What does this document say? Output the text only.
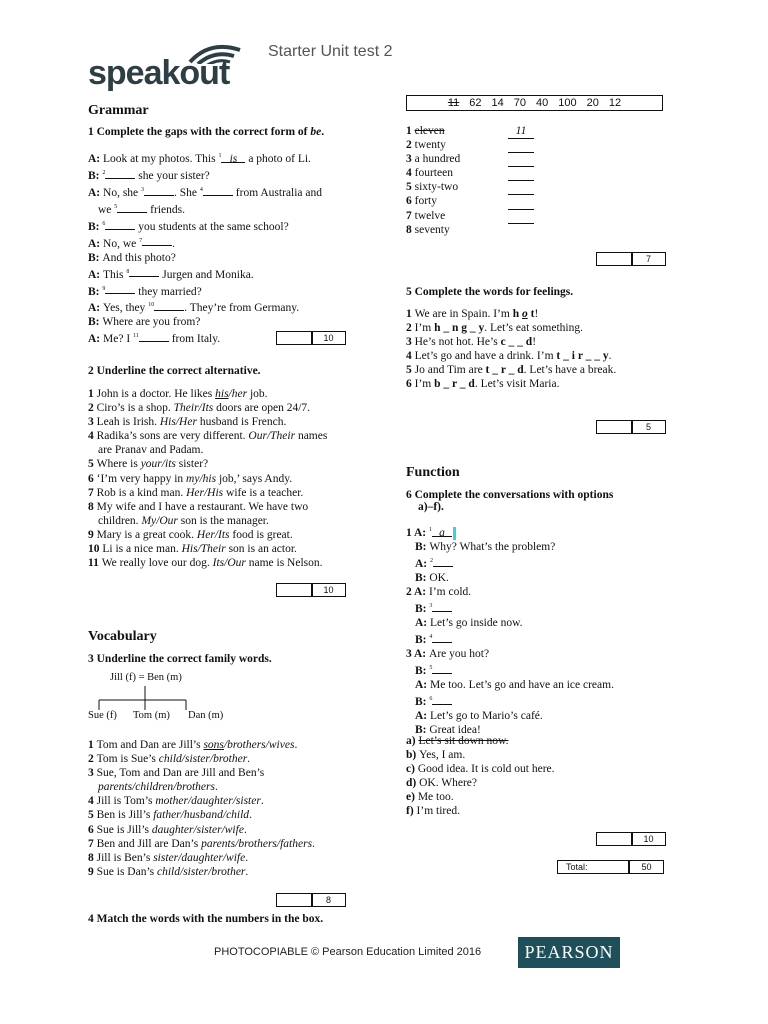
speakout
Starter Unit test 2
Grammar
1 Complete the gaps with the correct form of be.
A: Look at my photos. This $^1$ is a photo of Li.
B: $^2$	she your sister?
A: No, she $^3$	. She $^4$	from Australia and
we $^5$	friends.
B: $^6$	you students at the same school?
A: No, we $^7$	.
B: And this photo?
A: This $^8$	Jurgen and Monika.
B: $^9$	they married?
A: Yes, they $^{10}$	. They’re from Germany.
B: Where are you from?
A: Me? I $^{11}$	from Italy.	10
2 Underline the correct alternative.
1 John is a doctor. He likes his/her job.
2 Ciro’s is a shop. Their/Its doors are open 24/7.
3 Leah is Irish. His/Her husband is French.
4 Radika’s sons are very different. Our/Their names
are Pranav and Padam.
5 Where is your/its sister?
6 ‘I’m very happy in my/his job,’ says Andy.
7 Rob is a kind man. Her/His wife is a teacher.
8 My wife and I have a restaurant. We have two
children. My/Our son is the manager.
9 Mary is a great cook. Her/Its food is great.
10 Li is a nice man. His/Their son is an actor.
11 We really love our dog. Its/Our name is Nelson.
10
Vocabulary
3 Underline the correct family words.
Jill (f) = Ben (m)
Sue (f) Tom (m) Dan (m)
1 Tom and Dan are Jill’s sons/brothers/wives.
2 Tom is Sue’s child/sister/brother.
3 Sue, Tom and Dan are Jill and Ben’s
parents/children/brothers.
4 Jill is Tom’s mother/daughter/sister.
5 Ben is Jill’s father/husband/child.
6 Sue is Jill’s daughter/sister/wife.
7 Ben and Jill are Dan’s parents/brothers/fathers.
8 Jill is Ben’s sister/daughter/wife.
9 Sue is Dan’s child/sister/brother.
8
4 Match the words with the numbers in the box.
11 62 14 70 40 100 20 12
1 eleven	11
2 twenty
3 a hundred
4 fourteen
5 sixty-two
6 forty
7 twelve
8 seventy
7
5 Complete the words for feelings.
1 We are in Spain. I’m h o t!
2 I’m h _ n g _ y. Let’s eat something.
3 He’s not hot. He’s c _ _ d!
4 Let’s go and have a drink. I’m t _ i r _ _ y.
5 Jo and Tim are t _ r _ d. Let’s have a break.
6 I’m b _ r _ d. Let’s visit Maria.
5
Function
6 Complete the conversations with options
a)–f).
1 A: $^1$ a
B: Why? What’s the problem?
A: $^2$
B: OK.
2 A: I’m cold.
B: $^3$
A: Let’s go inside now.
B: $^4$
3 A: Are you hot?
B: $^5$
A: Me too. Let’s go and have an ice cream.
B: $^6$
A: Let’s go to Mario’s café.
B: Great idea!
a) Let’s sit down now.
b) Yes, I am.
c) Good idea. It is cold out here.
d) OK. Where?
e) Me too.
f) I’m tired.
10
Total:	50
PHOTOCOPIABLE © Pearson Education Limited 2016	PEARSON
